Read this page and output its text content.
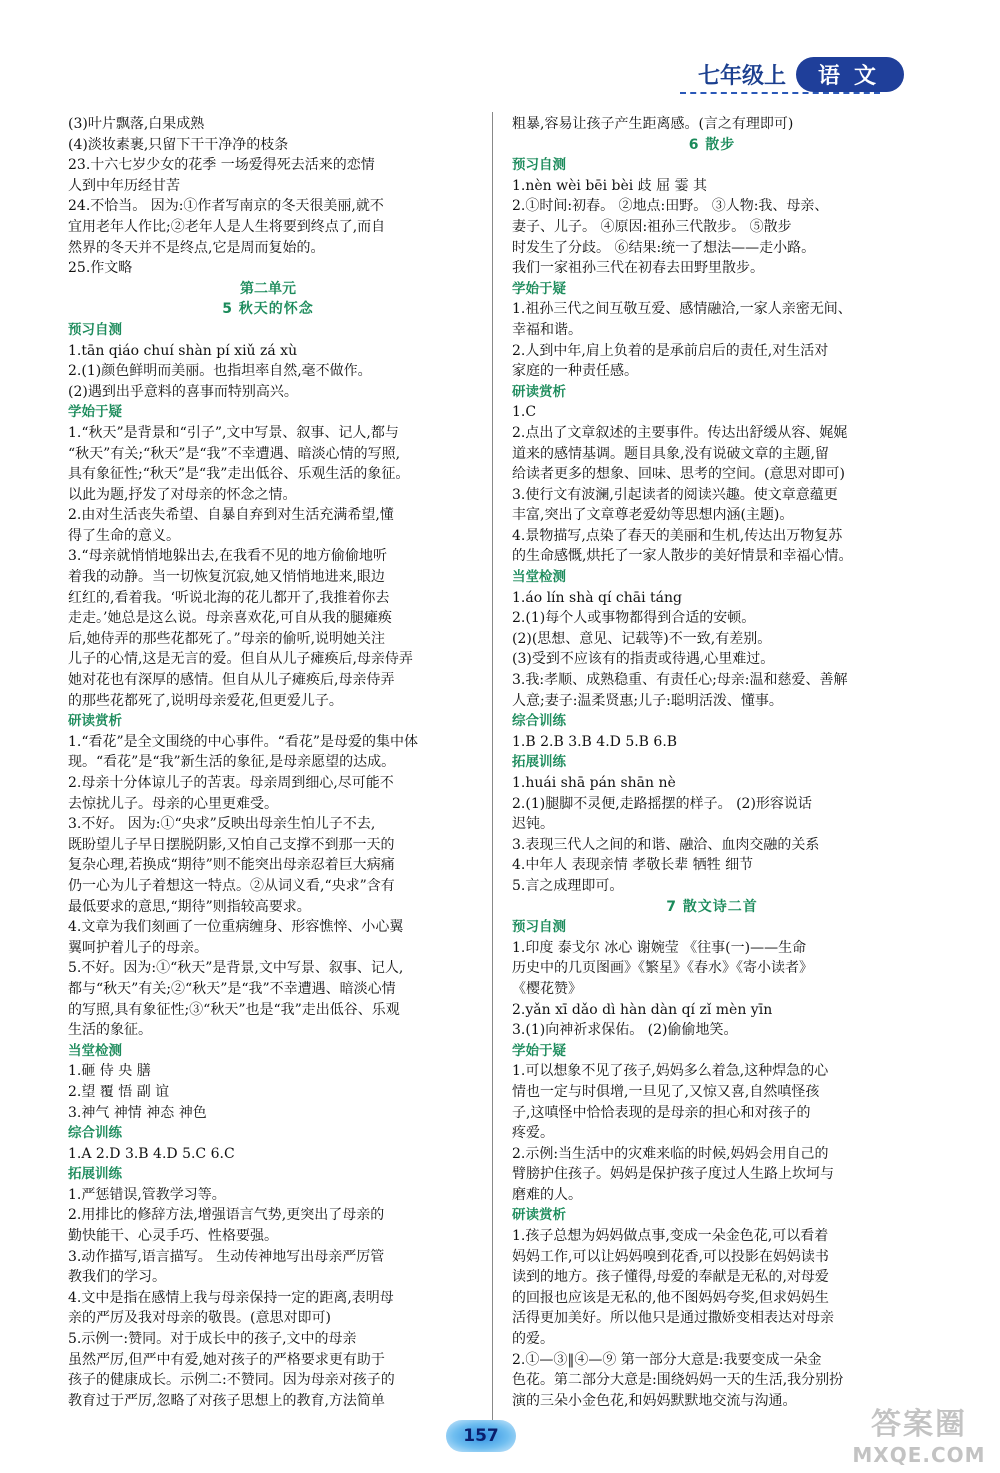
七年级上	语文
(3)叶片飘落,白果成熟
(4)淡妆素裹,只留下干干净净的枝条
23.十六七岁少女的花季 一场爱得死去活来的恋情
人到中年历经甘苦
24.不恰当。 因为:①作者写南京的冬天很美丽,就不
宜用老年人作比;②老年人是人生将要到终点了,而自
然界的冬天并不是终点,它是周而复始的。
25.作文略
第二单元
5 秋天的怀念
预习自测
1.tān qiáo chuí shàn pí xiǔ zá xù
2.(1)颜色鲜明而美丽。也指坦率自然,毫不做作。
(2)遇到出乎意料的喜事而特别高兴。
学始于疑
1.“秋天”是背景和“引子”,文中写景、叙事、记人,都与
“秋天”有关;“秋天”是“我”不幸遭遇、暗淡心情的写照,
具有象征性;“秋天”是“我”走出低谷、乐观生活的象征。
以此为题,抒发了对母亲的怀念之情。
2.由对生活丧失希望、自暴自弃到对生活充满希望,懂
得了生命的意义。
3.“母亲就悄悄地躲出去,在我看不见的地方偷偷地听
着我的动静。当一切恢复沉寂,她又悄悄地进来,眼边
红红的,看着我。‘听说北海的花儿都开了,我推着你去
走走。’她总是这么说。母亲喜欢花,可自从我的腿瘫痪
后,她侍弄的那些花都死了。”母亲的偷听,说明她关注
儿子的心情,这是无言的爱。但自从儿子瘫痪后,母亲侍弄
她对花也有深厚的感情。但自从儿子瘫痪后,母亲侍弄
的那些花都死了,说明母亲爱花,但更爱儿子。
研读赏析
1.“看花”是全文围绕的中心事件。“看花”是母爱的集中体
现。“看花”是“我”新生活的象征,是母亲愿望的达成。
2.母亲十分体谅儿子的苦衷。母亲周到细心,尽可能不
去惊扰儿子。母亲的心里更难受。
3.不好。 因为:①“央求”反映出母亲生怕儿子不去,
既盼望儿子早日摆脱阴影,又怕自己支撑不到那一天的
复杂心理,若换成“期待”则不能突出母亲忍着巨大病痛
仍一心为儿子着想这一特点。②从词义看,“央求”含有
最低要求的意思,“期待”则指较高要求。
4.文章为我们刻画了一位重病缠身、形容憔悴、小心翼
翼呵护着儿子的母亲。
5.不好。因为:①“秋天”是背景,文中写景、叙事、记人,
都与“秋天”有关;②“秋天”是“我”不幸遭遇、暗淡心情
的写照,具有象征性;③“秋天”也是“我”走出低谷、乐观
生活的象征。
当堂检测
1.砸 侍 央 膳
2.望 覆 悟 副 谊
3.神气 神情 神态 神色
综合训练
1.A 2.D 3.B 4.D 5.C 6.C
拓展训练
1.严惩错误,管教学习等。
2.用排比的修辞方法,增强语言气势,更突出了母亲的
勤快能干、心灵手巧、性格要强。
3.动作描写,语言描写。 生动传神地写出母亲严厉管
教我们的学习。
4.文中是指在感情上我与母亲保持一定的距离,表明母
亲的严厉及我对母亲的敬畏。(意思对即可)
5.示例一:赞同。对于成长中的孩子,文中的母亲
虽然严厉,但严中有爱,她对孩子的严格要求更有助于
孩子的健康成长。示例二:不赞同。因为母亲对孩子的
教育过于严厉,忽略了对孩子思想上的教育,方法简单
粗暴,容易让孩子产生距离感。(言之有理即可)
6 散步
预习自测
1.nèn wèi bēi bèi 歧 屈 霎 其
2.①时间:初春。 ②地点:田野。 ③人物:我、母亲、
妻子、儿子。 ④原因:祖孙三代散步。 ⑤散步
时发生了分歧。 ⑥结果:统一了想法——走小路。
我们一家祖孙三代在初春去田野里散步。
学始于疑
1.祖孙三代之间互敬互爱、感情融洽,一家人亲密无间、
幸福和谐。
2.人到中年,肩上负着的是承前启后的责任,对生活对
家庭的一种责任感。
研读赏析
1.C
2.点出了文章叙述的主要事件。传达出舒缓从容、娓娓
道来的感情基调。题目具象,没有说破文章的主题,留
给读者更多的想象、回味、思考的空间。(意思对即可)
3.使行文有波澜,引起读者的阅读兴趣。使文章意蕴更
丰富,突出了文章尊老爱幼等思想内涵(主题)。
4.景物描写,点染了春天的美丽和生机,传达出万物复苏
的生命感慨,烘托了一家人散步的美好情景和幸福心情。
当堂检测
1.áo lín shà qí chāi táng
2.(1)每个人或事物都得到合适的安顿。
(2)(思想、意见、记载等)不一致,有差别。
(3)受到不应该有的指责或待遇,心里难过。
3.我:孝顺、成熟稳重、有责任心;母亲:温和慈爱、善解
人意;妻子:温柔贤惠;儿子:聪明活泼、懂事。
综合训练
1.B 2.B 3.B 4.D 5.B 6.B
拓展训练
1.huái shā pán shān nè
2.(1)腿脚不灵便,走路摇摆的样子。 (2)形容说话
迟钝。
3.表现三代人之间的和谐、融洽、血肉交融的关系
4.中年人 表现亲情 孝敬长辈 牺牲 细节
5.言之成理即可。
7 散文诗二首
预习自测
1.印度 泰戈尔 冰心 谢婉莹 《往事(一)——生命
历史中的几页图画》《繁星》《春水》《寄小读者》
《樱花赞》
2.yǎn xī dǎo dì hàn dàn qí zǐ mèn yīn
3.(1)向神祈求保佑。 (2)偷偷地笑。
学始于疑
1.可以想象不见了孩子,妈妈多么着急,这种焊急的心
情也一定与时俱增,一旦见了,又惊又喜,自然嗔怪孩
子,这嗔怪中恰恰表现的是母亲的担心和对孩子的
疼爱。
2.示例:当生活中的灾难来临的时候,妈妈会用自己的
臂膀护住孩子。妈妈是保护孩子度过人生路上坎坷与
磨难的人。
研读赏析
1.孩子总想为妈妈做点事,变成一朵金色花,可以看着
妈妈工作,可以让妈妈嗅到花香,可以投影在妈妈读书
读到的地方。孩子懂得,母爱的奉献是无私的,对母爱
的回报也应该是无私的,他不图妈妈夸奖,但求妈妈生
活得更加美好。所以他只是通过撒娇变相表达对母亲
的爱。
2.①—③‖④—⑨ 第一部分大意是:我要变成一朵金
色花。第二部分大意是:围绕妈妈一天的生活,我分别扮
演的三朵小金色花,和妈妈默默地交流与沟通。
157	答案圈
MXQE.COM
